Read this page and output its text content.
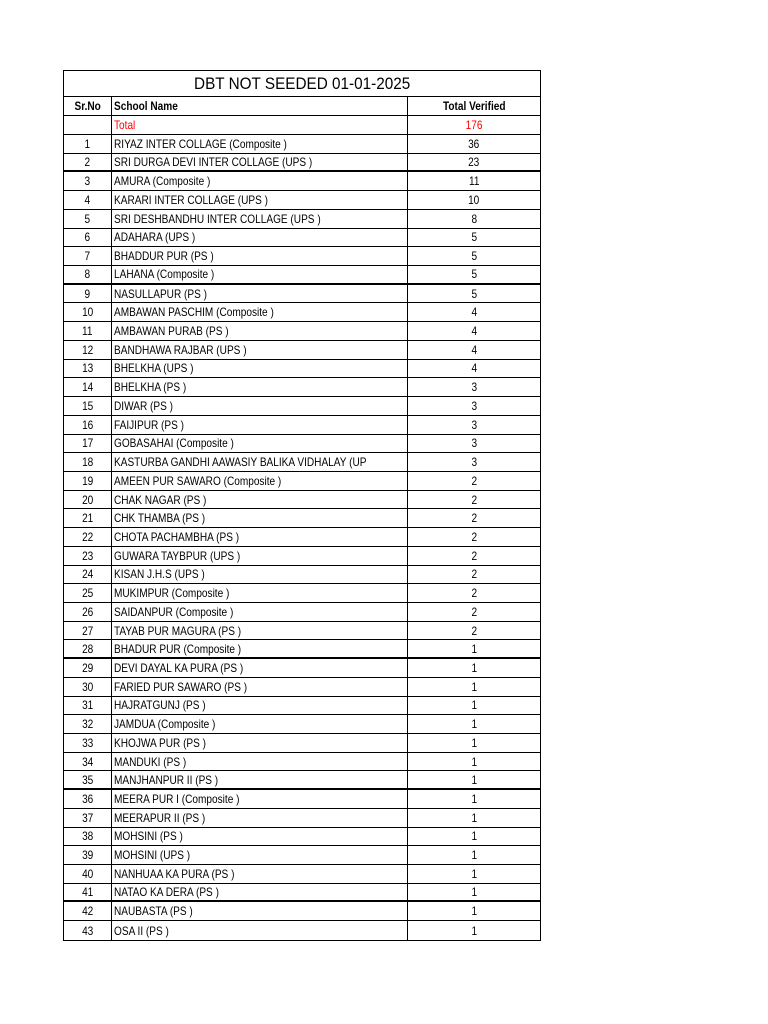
DBT NOT SEEDED 01-01-2025
Sr.No School Name	Total Verified
Total	176
1 RIYAZ INTER COLLAGE (Composite )	36
2 SRI DURGA DEVI INTER COLLAGE (UPS )	23
3 AMURA (Composite )	11
4 KARARI INTER COLLAGE (UPS )	10
5 SRI DESHBANDHU INTER COLLAGE (UPS )	8
6 ADAHARA (UPS )	5
7 BHADDUR PUR (PS )	5
8 LAHANA (Composite )	5
9 NASULLAPUR (PS )	5
10 AMBAWAN PASCHIM (Composite )	4
11 AMBAWAN PURAB (PS )	4
12 BANDHAWA RAJBAR (UPS )	4
13 BHELKHA (UPS )	4
14 BHELKHA (PS )	3
15 DIWAR (PS )	3
16 FAIJIPUR (PS )	3
17 GOBASAHAI (Composite )	3
18 KASTURBA GANDHI AAWASIY BALIKA VIDHALAY (UP	3
19 AMEEN PUR SAWARO (Composite )	2
20 CHAK NAGAR (PS )	2
21 CHK THAMBA (PS )	2
22 CHOTA PACHAMBHA (PS )	2
23 GUWARA TAYBPUR (UPS )	2
24 KISAN J.H.S (UPS )	2
25 MUKIMPUR (Composite )	2
26 SAIDANPUR (Composite )	2
27 TAYAB PUR MAGURA (PS )	2
28 BHADUR PUR (Composite )	1
29 DEVI DAYAL KA PURA (PS )	1
30 FARIED PUR SAWARO (PS )	1
31 HAJRATGUNJ (PS )	1
32 JAMDUA (Composite )	1
33 KHOJWA PUR (PS )	1
34 MANDUKI (PS )	1
35 MANJHANPUR II (PS )	1
36 MEERA PUR I (Composite )	1
37 MEERAPUR II (PS )	1
38 MOHSINI (PS )	1
39 MOHSINI (UPS )	1
40 NANHUAA KA PURA (PS )	1
41 NATAO KA DERA (PS )	1
42 NAUBASTA (PS )	1
43 OSA II (PS )	1
